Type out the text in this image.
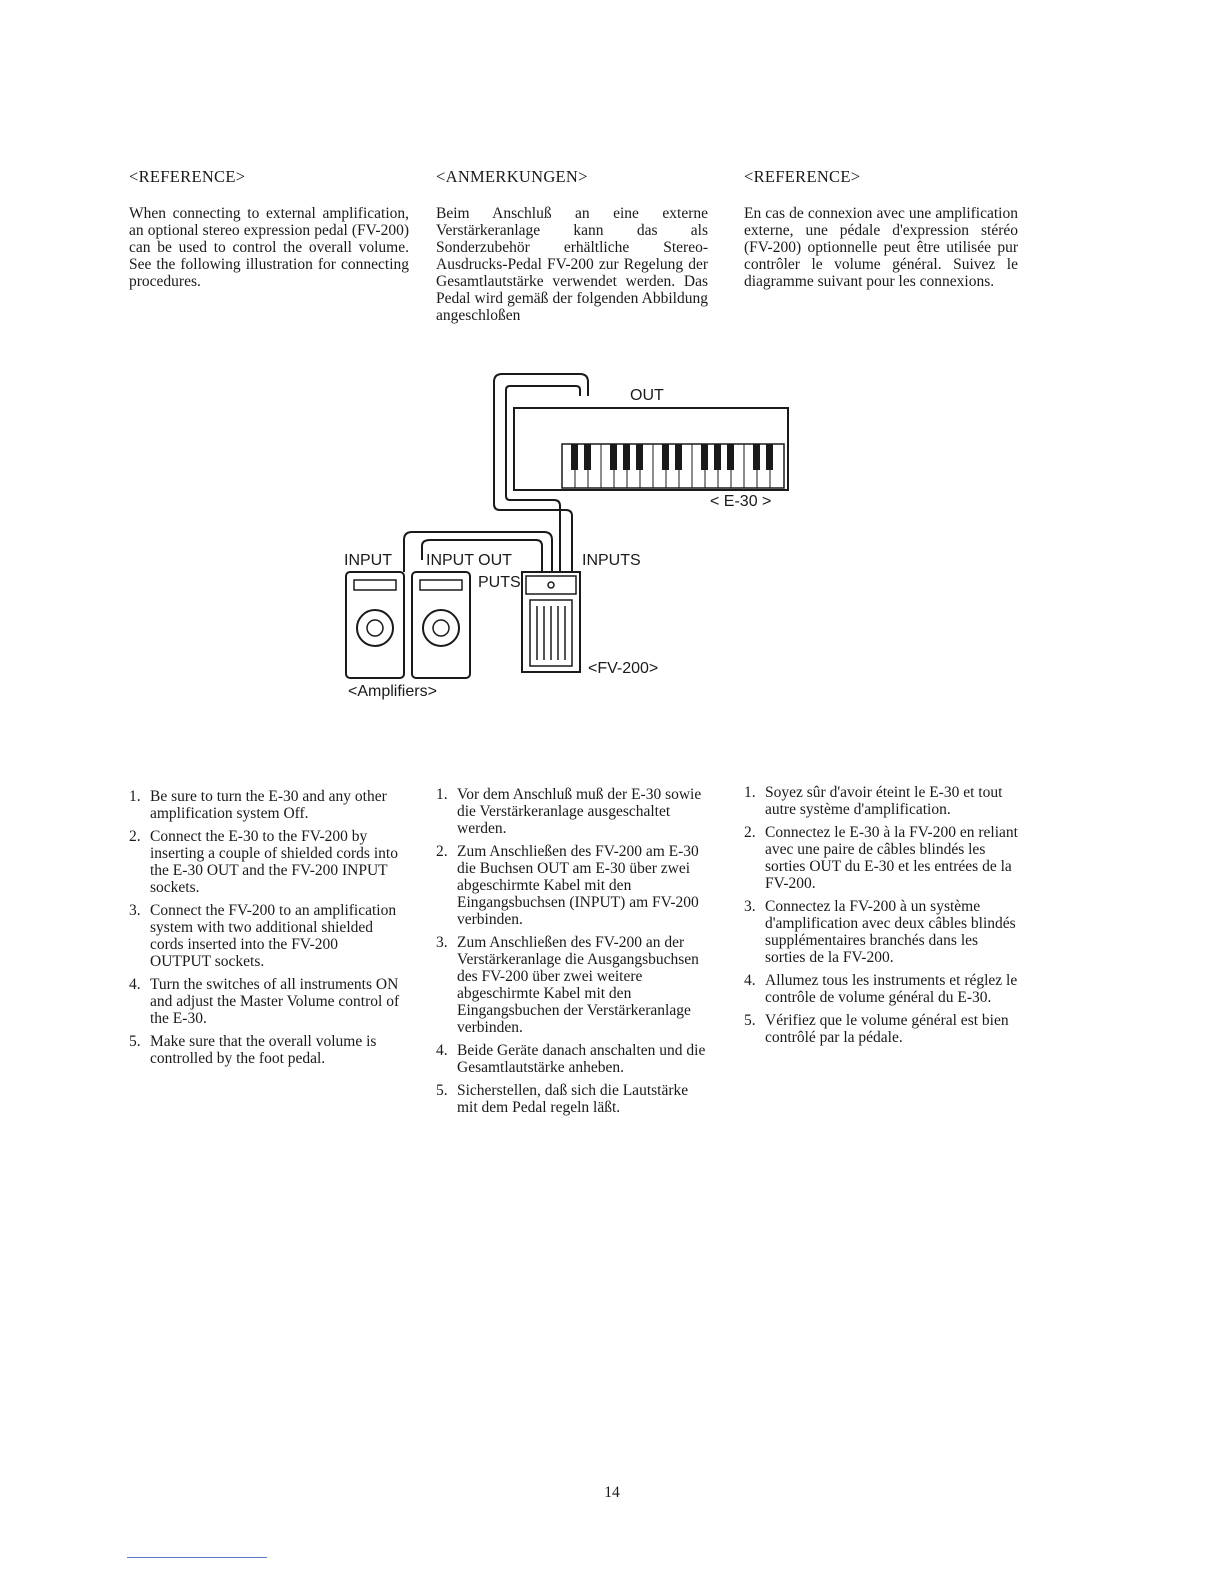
<REFERENCE>

When connecting to external amplification, an optional stereo expression pedal (FV-200) can be used to control the overall volume. See the following illustration for connecting procedures.

<ANMERKUNGEN>

Beim Anschluß an eine externe Verstärkeranlage kann das als Sonderzubehör erhältliche Stereo-Ausdrucks-Pedal FV-200 zur Regelung der Gesamtlautstärke verwendet werden. Das Pedal wird gemäß der folgenden Abbildung angeschloßen

<REFERENCE>

En cas de connexion avec une amplification externe, une pédale d'expression stéréo (FV-200) optionnelle peut être utilisée pur contrôler le volume général. Suivez le diagramme suivant pour les connexions.

OUT
< E-30 >
INPUT INPUT OUT
PUTS
INPUTS
<FV-200>
<Amplifiers>
1. Be sure to turn the E-30 and any other amplification system Off.
2. Connect the E-30 to the FV-200 by inserting a couple of shielded cords into the E-30 OUT and the FV-200 INPUT sockets.
3. Connect the FV-200 to an amplification system with two additional shielded cords inserted into the FV-200 OUTPUT sockets.
4. Turn the switches of all instruments ON and adjust the Master Volume control of the E-30.
5. Make sure that the overall volume is controlled by the foot pedal.
1. Vor dem Anschluß muß der E-30 sowie die Verstärkeranlage ausgeschaltet werden.
2. Zum Anschließen des FV-200 am E-30 die Buchsen OUT am E-30 über zwei abgeschirmte Kabel mit den Eingangsbuchsen (INPUT) am FV-200 verbinden.
3. Zum Anschließen des FV-200 an der Verstärkeranlage die Ausgangsbuchsen des FV-200 über zwei weitere abgeschirmte Kabel mit den Eingangsbuchen der Verstärkeranlage verbinden.
4. Beide Geräte danach anschalten und die Gesamtlautstärke anheben.
5. Sicherstellen, daß sich die Lautstärke mit dem Pedal regeln läßt.
1. Soyez sûr d'avoir éteint le E-30 et tout autre système d'amplification.
2. Connectez le E-30 à la FV-200 en reliant avec une paire de câbles blindés les sorties OUT du E-30 et les entrées de la FV-200.
3. Connectez la FV-200 à un système d'amplification avec deux câbles blindés supplémentaires branchés dans les sorties de la FV-200.
4. Allumez tous les instruments et réglez le contrôle de volume général du E-30.
5. Vérifiez que le volume général est bien contrôlé par la pédale.
14
